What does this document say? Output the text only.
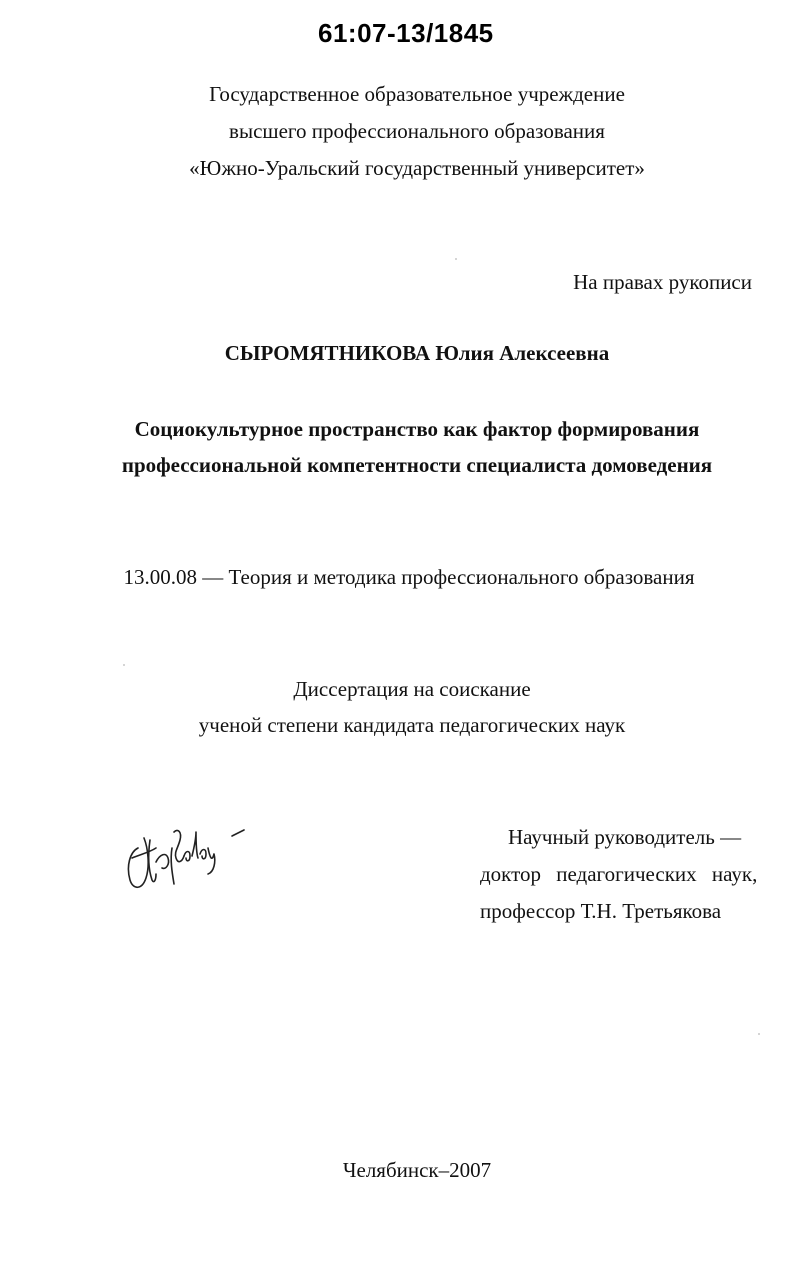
61:07-13/1845
Государственное образовательное учреждение
высшего профессионального образования
«Южно-Уральский государственный университет»
На правах рукописи
СЫРОМЯТНИКОВА Юлия Алексеевна
Социокультурное пространство как фактор формирования
профессиональной компетентности специалиста домоведения
13.00.08 — Теория и методика профессионального образования
Диссертация на соискание
ученой степени кандидата педагогических наук
Научный руководитель —
доктор педагогических наук,
профессор Т.Н. Третьякова
Челябинск–2007
